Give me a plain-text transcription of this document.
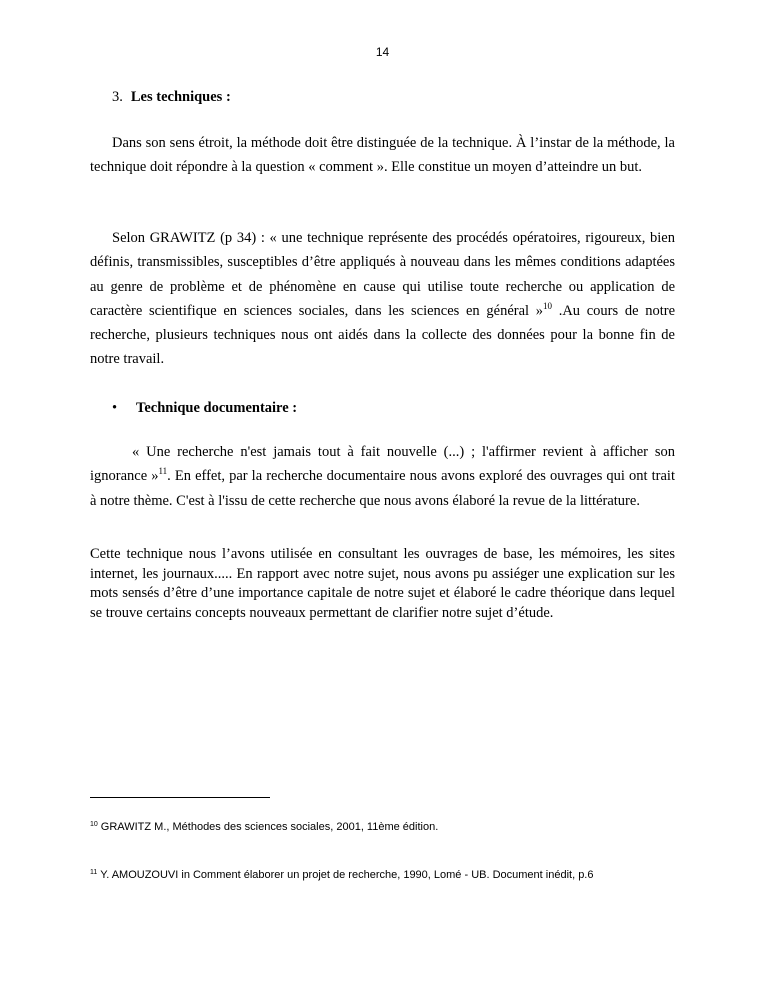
14
3. Les techniques :

Dans son sens étroit, la méthode doit être distinguée de la technique. À l’instar de la méthode, la technique doit répondre à la question « comment ». Elle constitue un moyen d’atteindre un but.

Selon GRAWITZ (p 34) : « une technique représente des procédés opératoires, rigoureux, bien définis, transmissibles, susceptibles d’être appliqués à nouveau dans les mêmes conditions adaptées au genre de problème et de phénomène en cause qui utilise toute recherche ou application de caractère scientifique en sciences sociales, dans les sciences en général »$^{10}$ .Au cours de notre recherche, plusieurs techniques nous ont aidés dans la collecte des données pour la bonne fin de notre travail.

• Technique documentaire :

« Une recherche n'est jamais tout à fait nouvelle (...) ; l'affirmer revient à afficher son ignorance »$^{11}$. En effet, par la recherche documentaire nous avons exploré des ouvrages qui ont trait à notre thème. C'est à l'issu de cette recherche que nous avons élaboré la revue de la littérature.

Cette technique nous l’avons utilisée en consultant les ouvrages de base, les mémoires, les sites internet, les journaux..... En rapport avec notre sujet, nous avons pu assiéger une explication sur les mots sensés d’être d’une importance capitale de notre sujet et élaboré le cadre théorique dans lequel se trouve certains concepts nouveaux permettant de clarifier notre sujet d’étude.

$^{10}$ GRAWITZ M., Méthodes des sciences sociales, 2001, 11ème édition.
$^{11}$ Y. AMOUZOUVI in Comment élaborer un projet de recherche, 1990, Lomé - UB. Document inédit, p.6
